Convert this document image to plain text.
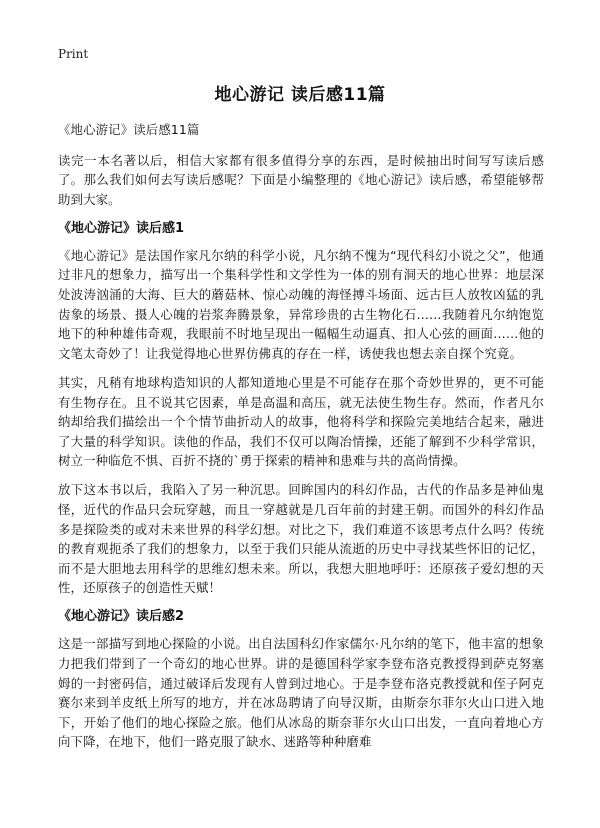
Print
地心游记 读后感11篇

《地心游记》读后感11篇

读完一本名著以后，相信大家都有很多值得分享的东西，是时候抽出时间写写读后感了。那么我们如何去写读后感呢？下面是小编整理的《地心游记》读后感，希望能够帮助到大家。

《地心游记》读后感1

《地心游记》是法国作家凡尔纳的科学小说，凡尔纳不愧为“现代科幻小说之父”，他通过非凡的想象力，描写出一个集科学性和文学性为一体的别有洞天的地心世界：地层深处波涛汹涌的大海、巨大的蘑菇林、惊心动魄的海怪搏斗场面、远古巨人放牧凶猛的乳齿象的场景、摄人心魄的岩浆奔腾景象，异常珍贵的古生物化石……我随着凡尔纳饱览地下的种种雄伟奇观，我眼前不时地呈现出一幅幅生动逼真、扣人心弦的画面……他的文笔太奇妙了！让我觉得地心世界仿佛真的存在一样，诱使我也想去亲自探个究竟。

其实，凡稍有地球构造知识的人都知道地心里是不可能存在那个奇妙世界的，更不可能有生物存在。且不说其它因素，单是高温和高压，就无法使生物生存。然而，作者凡尔纳却给我们描绘出一个个情节曲折动人的故事，他将科学和探险完美地结合起来，融进了大量的科学知识。读他的作品，我们不仅可以陶冶情操，还能了解到不少科学常识，树立一种临危不惧、百折不挠的`勇于探索的精神和患难与共的高尚情操。

放下这本书以后，我陷入了另一种沉思。回眸国内的科幻作品，古代的作品多是神仙鬼怪，近代的作品只会玩穿越，而且一穿越就是几百年前的封建王朝。而国外的科幻作品多是探险类的或对未来世界的科学幻想。对比之下，我们难道不该思考点什么吗？传统的教育观扼杀了我们的想象力，以至于我们只能从流逝的历史中寻找某些怀旧的记忆，而不是大胆地去用科学的思维幻想未来。所以，我想大胆地呼吁：还原孩子爱幻想的天性，还原孩子的创造性天赋！

《地心游记》读后感2

这是一部描写到地心探险的小说。出自法国科幻作家儒尔·凡尔纳的笔下，他丰富的想象力把我们带到了一个奇幻的地心世界。讲的是德国科学家李登布洛克教授得到萨克努塞姆的一封密码信，通过破译后发现有人曾到过地心。于是李登布洛克教授就和侄子阿克赛尔来到羊皮纸上所写的地方，并在冰岛聘请了向导汉斯，由斯奈尔菲尔火山口进入地下，开始了他们的地心探险之旅。他们从冰岛的斯奈菲尔火山口出发，一直向着地心方向下降，在地下，他们一路克服了缺水、迷路等种种磨难
